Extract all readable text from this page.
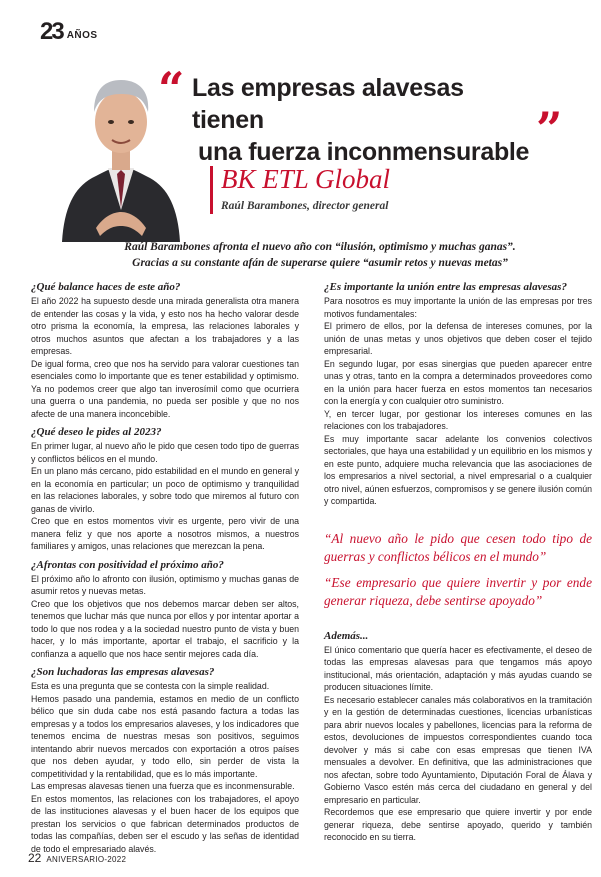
23 AÑOS
“ Las empresas alavesas tienen
una fuerza inconmensurable ”
BK ETL Global
Raúl Barambones, director general
Raúl Barambones afronta el nuevo año con “ilusión, optimismo y muchas ganas”.
Gracias a su constante afán de superarse quiere “asumir retos y nuevas metas”
¿Qué balance haces de este año?

El año 2022 ha supuesto desde una mirada generalista otra manera de entender las cosas y la vida, y esto nos ha hecho valorar desde otro prisma la economía, la empresa, las relaciones laborales y otros muchos asuntos que afectan a los trabajadores y a las empresas.

De igual forma, creo que nos ha servido para valorar cuestiones tan esenciales como lo importante que es tener estabilidad y optimismo. Ya no podemos creer que algo tan inverosímil como que ocurriera una guerra o una pandemia, no pueda ser posible y que no nos afecte de una manera inconcebible.

¿Qué deseo le pides al 2023?

En primer lugar, al nuevo año le pido que cesen todo tipo de guerras y conflictos bélicos en el mundo.

En un plano más cercano, pido estabilidad en el mundo en general y en la economía en particular; un poco de optimismo y tranquilidad en las relaciones laborales, y sobre todo que miremos al futuro con ganas de vivirlo.

Creo que en estos momentos vivir es urgente, pero vivir de una manera feliz y que nos aporte a nosotros mismos, a nuestros familiares y amigos, unas relaciones que merezcan la pena.

¿Afrontas con positividad el próximo año?

El próximo año lo afronto con ilusión, optimismo y muchas ganas de asumir retos y nuevas metas.

Creo que los objetivos que nos debemos marcar deben ser altos, tenemos que luchar más que nunca por ellos y por intentar aportar a todo lo que nos rodea y a la sociedad nuestro punto de vista y buen hacer, y lo más importante, aportar el trabajo, el sacrificio y la confianza a aquello que nos hace sentir mejores cada día.

¿Son luchadoras las empresas alavesas?

Esta es una pregunta que se contesta con la simple realidad.

Hemos pasado una pandemia, estamos en medio de un conflicto bélico que sin duda cabe nos está pasando factura a todas las empresas y a todos los empresarios alaveses, y los indicadores que tenemos encima de nuestras mesas son positivos, seguimos intentando abrir nuevos mercados con exportación a otros países que nos deben ayudar, y todo ello, sin perder de vista la competitividad y la rentabilidad, que es lo más importante.

Las empresas alavesas tienen una fuerza que es inconmensurable.

En estos momentos, las relaciones con los trabajadores, el apoyo de las instituciones alavesas y el buen hacer de los equipos que prestan los servicios o que fabrican determinados productos de todas las compañías, deben ser el escudo y las señas de identidad de todo el empresariado alavés.

¿Es importante la unión entre las empresas alavesas?

Para nosotros es muy importante la unión de las empresas por tres motivos fundamentales:

El primero de ellos, por la defensa de intereses comunes, por la unión de unas metas y unos objetivos que deben coser el tejido empresarial.

En segundo lugar, por esas sinergias que pueden aparecer entre unas y otras, tanto en la compra a determinados proveedores como en la unión para hacer fuerza en estos momentos tan necesarios con la energía y con cualquier otro suministro.

Y, en tercer lugar, por gestionar los intereses comunes en las relaciones con los trabajadores.

Es muy importante sacar adelante los convenios colectivos sectoriales, que haya una estabilidad y un equilibrio en los mismos y en este punto, adquiere mucha relevancia que las asociaciones de los empresarios a nivel sectorial, a nivel empresarial o a cualquier otro nivel, aúnen esfuerzos, compromisos y se genere ilusión común y compartida.

“Al nuevo año le pido que cesen todo tipo de guerras y conflictos bélicos en el mundo”

“Ese empresario que quiere invertir y por ende generar riqueza, debe sentirse apoyado”

Además...

El único comentario que quería hacer es efectivamente, el deseo de todas las empresas alavesas para que tengamos más apoyo institucional, más orientación, adaptación y más ayudas cuando se producen situaciones límite.

Es necesario establecer canales más colaborativos en la tramitación y en la gestión de determinadas cuestiones, licencias urbanísticas para abrir nuevos locales y pabellones, licencias para la reforma de estos, devoluciones de impuestos correspondientes cuando toca devolver y más si cabe con esas empresas que tienen IVA mensuales a devolver. En definitiva, que las administraciones que nos afectan, sobre todo Ayuntamiento, Diputación Foral de Álava y Gobierno Vasco estén más cerca del ciudadano en general y del empresario en particular.

Recordemos que ese empresario que quiere invertir y por ende generar riqueza, debe sentirse apoyado, querido y también reconocido en su tierra.

22 ANIVERSARIO-2022
